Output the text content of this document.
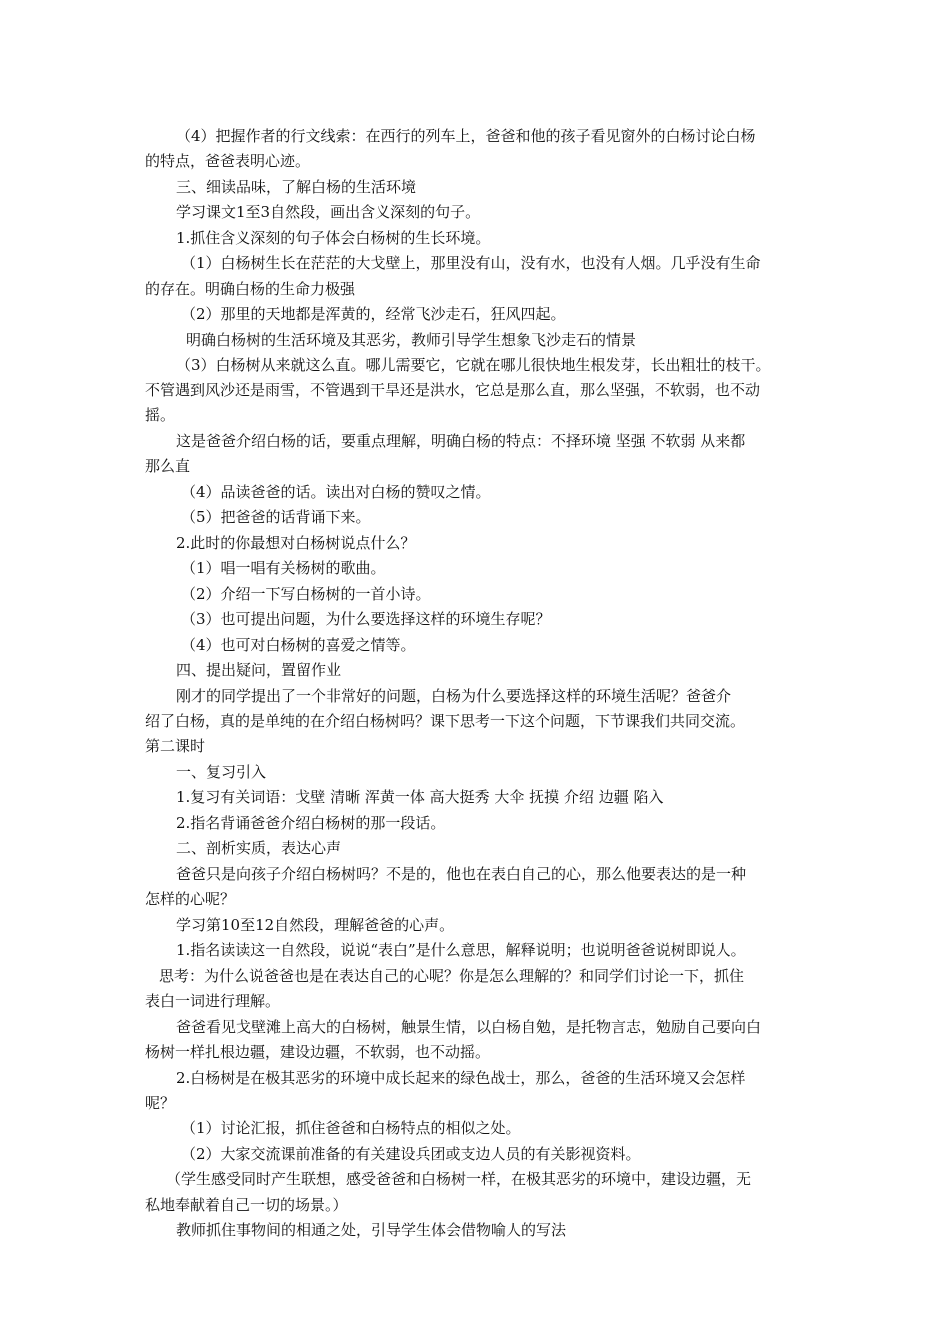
（4）把握作者的行文线索：在西行的列车上，爸爸和他的孩子看见窗外的白杨讨论白杨
的特点，爸爸表明心迹。
三、细读品味，了解白杨的生活环境
学习课文1至3自然段，画出含义深刻的句子。
1.抓住含义深刻的句子体会白杨树的生长环境。
（1）白杨树生长在茫茫的大戈壁上，那里没有山，没有水，也没有人烟。几乎没有生命
的存在。明确白杨的生命力极强
（2）那里的天地都是浑黄的，经常飞沙走石，狂风四起。
明确白杨树的生活环境及其恶劣，教师引导学生想象飞沙走石的情景
（3）白杨树从来就这么直。哪儿需要它，它就在哪儿很快地生根发芽，长出粗壮的枝干。
不管遇到风沙还是雨雪，不管遇到干旱还是洪水，它总是那么直，那么坚强，不软弱，也不动
摇。
这是爸爸介绍白杨的话，要重点理解，明确白杨的特点：不择环境 坚强 不软弱 从来都
那么直
（4）品读爸爸的话。读出对白杨的赞叹之情。
（5）把爸爸的话背诵下来。
2.此时的你最想对白杨树说点什么？
（1）唱一唱有关杨树的歌曲。
（2）介绍一下写白杨树的一首小诗。
（3）也可提出问题，为什么要选择这样的环境生存呢？
（4）也可对白杨树的喜爱之情等。
四、提出疑问，置留作业
刚才的同学提出了一个非常好的问题，白杨为什么要选择这样的环境生活呢？爸爸介
绍了白杨，真的是单纯的在介绍白杨树吗？课下思考一下这个问题，下节课我们共同交流。
第二课时
一、复习引入
1.复习有关词语：戈壁 清晰 浑黄一体 高大挺秀 大伞 抚摸 介绍 边疆 陷入
2.指名背诵爸爸介绍白杨树的那一段话。
二、剖析实质，表达心声
爸爸只是向孩子介绍白杨树吗？不是的，他也在表白自己的心，那么他要表达的是一种
怎样的心呢？
学习第10至12自然段，理解爸爸的心声。
1.指名读读这一自然段，说说“表白”是什么意思，解释说明；也说明爸爸说树即说人。
思考：为什么说爸爸也是在表达自己的心呢？你是怎么理解的？和同学们讨论一下，抓住
表白一词进行理解。
爸爸看见戈壁滩上高大的白杨树，触景生情，以白杨自勉，是托物言志，勉励自己要向白
杨树一样扎根边疆，建设边疆，不软弱，也不动摇。
2.白杨树是在极其恶劣的环境中成长起来的绿色战士，那么，爸爸的生活环境又会怎样
呢？
（1）讨论汇报，抓住爸爸和白杨特点的相似之处。
（2）大家交流课前准备的有关建设兵团或支边人员的有关影视资料。
（学生感受同时产生联想，感受爸爸和白杨树一样，在极其恶劣的环境中，建设边疆，无
私地奉献着自己一切的场景。）
教师抓住事物间的相通之处，引导学生体会借物喻人的写法
